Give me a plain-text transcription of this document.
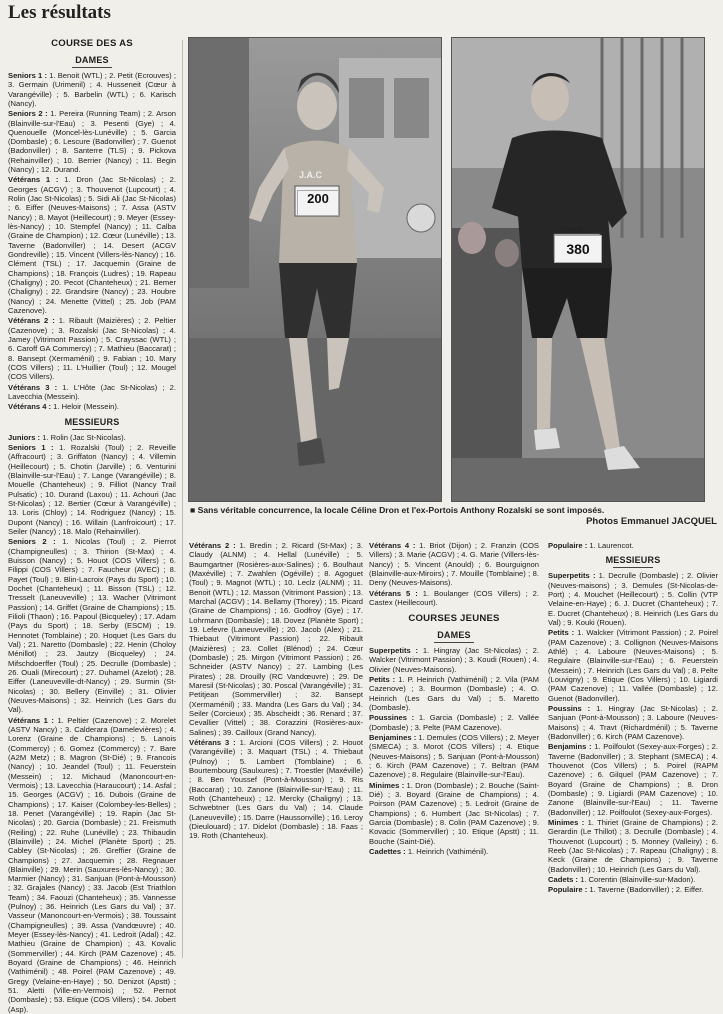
Les résultats
COURSE DES AS
DAMES

Seniors 1 : 1. Benoit (WTL) ; 2. Petit (Ecrouves) ; 3. Germain (Urimenil) ; 4. Husseneit (Cœur à Varangéville) ; 5. Barbelin (WTL) ; 6. Karisch (Nancy).

Seniors 2 : 1. Pereira (Running Team) ; 2. Arson (Blainville-sur-l'Eau) ; 3. Pesenti (Gye) ; 4. Quenouelle (Moncel-lès-Lunéville) ; 5. Garcia (Dombasle) ; 6. Lescure (Badonviller) ; 7. Guenot (Badonviller) ; 8. Santerre (TLS) ; 9. Pickova (Rehainviller) ; 10. Berrier (Nancy) ; 11. Begin (Nancy) ; 12. Durand.

Vétérans 1 : 1. Dron (Jac St-Nicolas) ; 2. Georges (ACGV) ; 3. Thouvenot (Lupcourt) ; 4. Rolin (Jac St-Nicolas) ; 5. Sidi Ali (Jac St-Nicolas) ; 6. Eiffer (Neuves-Maisons) ; 7. Assa (ASTV Nancy) ; 8. Mayot (Heillecourt) ; 9. Meyer (Essey-lès-Nancy) ; 10. Stempfel (Nancy) ; 11. Calba (Graine de Champion) ; 12. Cœur (Lunéville) ; 13. Taverne (Badonviller) ; 14. Desert (ACGV Gondreville) ; 15. Vincent (Villers-lès-Nancy) ; 16. Clément (TSL) ; 17. Jacquemin (Graine de Champions) ; 18. François (Ludres) ; 19. Rapeau (Chaligny) ; 20. Pecot (Chanteheux) ; 21. Bemer (Chaligny) ; 22. Grandsire (Nancy) ; 23. Houbre (Nancy) ; 24. Menette (Vittel) ; 25. Job (PAM Cazenove).

Vétérans 2 : 1. Ribault (Maizières) ; 2. Peltier (Cazenove) ; 3. Rozalski (Jac St-Nicolas) ; 4. Jamey (Vitrimont Passion) ; 5. Crayssac (WTL) ; 6. Caroff GA Commercy) ; 7. Mathieu (Baccarat) ; 8. Bansept (Xermaménil) ; 9. Fabian ; 10. Mary (COS Villers) ; 11. L'Huillier (Toul) ; 12. Mougel (COS Villers).

Vétérans 3 : 1. L'Hôte (Jac St-Nicolas) ; 2. Lavecchia (Messein).

Vétérans 4 : 1. Heloir (Messein).

MESSIEURS

Juniors : 1. Rolin (Jac St-Nicolas).

Seniors 1 : 1. Rozalski (Toul) ; 2. Reveille (Affracourt) ; 3. Griffaton (Nancy) ; 4. Villemin (Heillecourt) ; 5. Chotin (Jarville) ; 6. Venturini (Blainville-sur-l'Eau) ; 7. Lange (Varangéville) ; 8. Mouelle (Chanteheux) ; 9. Filliot (Nancy Trail Pulsatic) ; 10. Durand (Laxou) ; 11. Achouri (Jac St-Nicolas) ; 12. Bertier (Cœur à Varangéville) ; 13. Loris (Chloy) ; 14. Rodriguez (Nancy) ; 15. Dupont (Nancy) ; 16. Willain (Lanfroicourt) ; 17. Seiler (Nancy) ; 18. Malo (Rehainviller).

Seniors 2 : 1. Nicolas (Toul) ; 2. Pierrot (Champigneulles) ; 3. Thirion (St-Max) ; 4. Buisson (Nancy) ; 5. Houot (COS Villers) ; 6. Filippi (COS Villers) ; 7. Faucheur (AVEC) ; 8. Payet (Toul) ; 9. Blin-Lacroix (Pays du Sport) ; 10. Dochet (Chanteheux) ; 11. Bisson (TSL) ; 12. Tresselt (Laneuveville) ; 13. Wacher (Vitrimont Passion) ; 14. Griffet (Graine de Champions) ; 15. Filioli (Thaon) ; 16. Papoul (Bicqueley) ; 17. Adam (Pays du Sport) ; 18. Serby (ESCM) ; 19. Hennotet (Tomblaine) ; 20. Hoquet (Les Gars du Val) ; 21. Naretto (Dombasle) ; 22. Henin (Choloy Ménillot) ; 23. Jautzy (Bicqueley) ; 24. Mifschdoerffer (Toul) ; 25. Decrulle (Dombasle) ; 26. Ouali (Mirecourt) ; 27. Duhamel (Azelot) ; 28. Eiffer (Laneuveville-dt-Nancy) ; 29. Surmin (St-Nicolas) ; 30. Bellery (Einville) ; 31. Olivier (Neuves-Maisons) ; 32. Heinrich (Les Gars du Val).

Vétérans 1 : 1. Peltier (Cazenove) ; 2. Morelet (ASTV Nancy) ; 3. Calderara (Damelevières) ; 4. Lorenz (Graine de Champions) ; 5. Lanois (Commercy) ; 6. Gomez (Commercy) ; 7. Bare (A2M Metz) ; 8. Magron (St-Dié) ; 9. Francois (Nancy) ; 10. Jeandel (Toul) ; 11. Feuerstein (Messein) ; 12. Michaud (Manoncourt-en-Vermois) ; 13. Lavecchia (Haraucourt) ; 14. Asfal ; 15. Georges (ACGV) ; 16. Dubois (Graine de Champions) ; 17. Kaiser (Colombey-les-Belles) ; 18. Penet (Varangéville) ; 19. Rapin (Jac St-Nicolas) ; 20. Garcia (Dombasle) ; 21. Freismuth (Reiling) ; 22. Ruhe (Lunéville) ; 23. Thibaudin (Blainville) ; 24. Michel (Planète Sport) ; 25. Cabley (St-Nicolas) ; 26. Greffier (Graine de Champions) ; 27. Jacquemin ; 28. Regnauer (Blainville) ; 29. Merin (Sauxures-lès-Nancy) ; 30. Marmier (Nancy) ; 31. Sanjuan (Pont-à-Mousson) ; 32. Grajales (Nancy) ; 33. Jacob (Est Triathlon Team) ; 34. Faouzi (Chanteheux) ; 35. Vannesse (Pulnoy) ; 36. Heinrich (Les Gars du Val) ; 37. Vasseur (Manoncourt-en-Vermois) ; 38. Toussaint (Champigneulles) ; 39. Assa (Vandœuvre) ; 40. Meyer (Essey-lès-Nancy) ; 41. Ledroit (Adal) ; 42. Mathieu (Graine de Champion) ; 43. Kovalic (Sommerviller) ; 44. Kirch (PAM Cazenove) ; 45. Boyard (Graine de Champions) ; 46. Heinrich (Vathiménil) ; 48. Poirel (PAM Cazenove) ; 49. Gregy (Velaine-en-Haye) ; 50. Denizot (Apstt) ; 51. Aletti (Ville-en-Vermois) ; 52. Pernot (Dombasle) ; 53. Etique (COS Villers) ; 54. Jobert (Asp).

Vétérans 2 : 1. Bredin ; 2. Ricard (St-Max) ; 3. Claudy (ALNM) ; 4. Hellal (Lunéville) ; 5. Baumgartner (Rosières-aux-Salines) ; 6. Boulhaut (Maxéville) ; 7. Zwahlen (Ogéville) ; 8. Agoguet (Toul) ; 9. Magnot (WTL) ; 10. Leclz (ALNM) ; 11. Benoit (WTL) ; 12. Masson (Vitrimont Passion) ; 13. Marchal (ACGV) ; 14. Bellamy (Thorey) ; 15. Picard (Graine de Champions) ; 16. Godfroy (Gye) ; 17. Lohrmann (Dombasle) ; 18. Dovez (Planète Sport) ; 19. Lefevre (Laneuveville) ; 20. Jacob (Alex) ; 21. Thiebaut (Vitrimont Passion) ; 22. Ribault (Maizières) ; 23. Collet (Blénod) ; 24. Cœur (Dombasle) ; 25. Mirgon (Vitrimont Passion) ; 26. Schneider (ASTV Nancy) ; 27. Lambing (Les Pirates) ; 28. Drouilly (RC Vandœuvre) ; 29. De Maresil (St-Nicolas) ; 30. Poscal (Varangéville) ; 31. Petitjean (Sommerviller) ; 32. Bansept (Xermaménil) ; 33. Mandra (Les Gars du Val) ; 34. Seiler (Corcieux) ; 35. Abscheidt ; 36. Renard ; 37. Cevallier (Vittel) ; 38. Corazzini (Rosières-aux-Salines) ; 39. Cailloux (Grand Nancy).

Vétérans 3 : 1. Arcioni (COS Villers) ; 2. Houot (Varangéville) ; 3. Maquart (TSL) ; 4. Thiebaut (Pulnoy) ; 5. Lambert (Tomblaine) ; 6. Bourtembourg (Saulxures) ; 7. Troestler (Maxéville) ; 8. Ben Youssef (Pont-à-Mousson) ; 9. Ris (Baccarat) ; 10. Zanone (Blainville-sur-l'Eau) ; 11. Roth (Chanteheux) ; 12. Mercky (Chaligny) ; 13. Schwebtner (Les Gars du Val) ; 14. Claude (Laneuveville) ; 15. Darre (Haussonville) ; 16. Leroy (Dieulouard) ; 17. Didelot (Dombasle) ; 18. Faas ; 19. Roth (Chanteheux).

Vétérans 4 : 1. Briot (Dijon) ; 2. Franzin (COS Villers) ; 3. Marie (ACGV) ; 4. G. Marie (Villers-lès-Nancy) ; 5. Vincent (Anould) ; 6. Bourguignon (Blainville-aux-Miroirs) ; 7. Mouille (Tomblaine) ; 8. Deny (Neuves-Maisons).

Vétérans 5 : 1. Boulanger (COS Villers) ; 2. Castex (Heillecourt).

COURSES JEUNES
DAMES

Superpetits : 1. Hingray (Jac St-Nicolas) ; 2. Walcker (Vitrimont Passion) ; 3. Koudi (Rouen) ; 4. Olivier (Neuves-Maisons).

Petits : 1. P. Heinrich (Vathiménil) ; 2. Vila (PAM Cazenove) ; 3. Bourmon (Dombasle) ; 4. O. Heinrich (Les Gars du Val) ; 5. Maretto (Dombasle).

Poussines : 1. Garcia (Dombasle) ; 2. Vallée (Dombasle) ; 3. Pelte (PAM Cazenove).

Benjamines : 1. Demules (COS Villers) ; 2. Meyer (SMECA) ; 3. Morot (COS Villers) ; 4. Etique (Neuves-Maisons) ; 5. Sanjuan (Pont-à-Mousson) ; 6. Kirch (PAM Cazenove) ; 7. Beltran (PAM Cazenove) ; 8. Regulaire (Blainville-sur-l'Eau).

Minimes : 1. Dron (Dombasle) ; 2. Bouche (Saint-Dié) ; 3. Boyard (Graine de Champions) ; 4. Poirson (PAM Cazenove) ; 5. Ledroit (Graine de Champions) ; 6. Humbert (Jac St-Nicolas) ; 7. Garcia (Dombasle) ; 8. Colin (PAM Cazenove) ; 9. Kovacic (Sommerviller) ; 10. Etique (Apstt) ; 11. Bouche (Saint-Dié).

Cadettes : 1. Heinrich (Vathiménil).

Populaire : 1. Laurencot.

MESSIEURS

Superpetits : 1. Decrulle (Dombasle) ; 2. Olivier (Neuves-maisons) ; 3. Demules (St-Nicolas-de-Port) ; 4. Mouchet (Heillecourt) ; 5. Collin (VTP Velaine-en-Haye) ; 6. J. Ducret (Chanteheux) ; 7. E. Ducret (Chanteheux) ; 8. Heinrich (Les Gars du Val) ; 9. Kouki (Rouen).

Petits : 1. Walcker (Vitrimont Passion) ; 2. Poirel (PAM Cazenove) ; 3. Collignon (Neuves-Maisons Athlé) ; 4. Laboure (Neuves-Maisons) ; 5. Regulaire (Blainville-sur-l'Eau) ; 6. Feuerstein (Messein) ; 7. Heinrich (Les Gars du Val) ; 8. Pelte (Louvigny) ; 9. Etique (Cos Villers) ; 10. Ligiardi (PAM Cazenove) ; 11. Vallée (Dombasle) ; 12. Guenot (Badonviller).

Poussins : 1. Hingray (Jac St-Nicolas) ; 2. Sanjuan (Pont-à-Mousson) ; 3. Laboure (Neuves-Maisons) ; 4. Travt (Richardménil) ; 5. Taverne (Badonviller) ; 6. Kirch (PAM Cazenove).

Benjamins : 1. Poilfoulot (Sexey-aux-Forges) ; 2. Taverne (Badonviller) ; 3. Stephant (SMECA) ; 4. Thouvenot (Cos Villers) ; 5. Poirel (RAPM Cazenove) ; 6. Gilquel (PAM Cazenove) ; 7. Boyard (Graine de Champions) ; 8. Dron (Dombasle) ; 9. Ligiardi (PAM Cazenove) ; 10. Zanone (Blainville-sur-l'Eau) ; 11. Taverne (Badonviller) ; 12. Poilfoulot (Sexey-aux-Forges).

Minimes : 1. Thiriet (Graine de Champions) ; 2. Gerardin (Le Thillot) ; 3. Decrulle (Dombasle) ; 4. Thouvenot (Lupcourt) ; 5. Monney (Valleiry) ; 6. Reeb (Jac St-Nicolas) ; 7. Rapeau (Chaligny) ; 8. Keck (Graine de Champions) ; 9. Taverne (Badonviller) ; 10. Heinrich (Les Gars du Val).

Cadets : 1. Corentin (Blainville-sur-Madon).

Populaire : 1. Taverne (Badonviller) ; 2. Eiffer.

J.A.C
200
Kalenji
380
■ Sans véritable concurrence, la locale Céline Dron et l'ex-Portois Anthony Rozalski se sont imposés.
Photos Emmanuel JACQUEL
